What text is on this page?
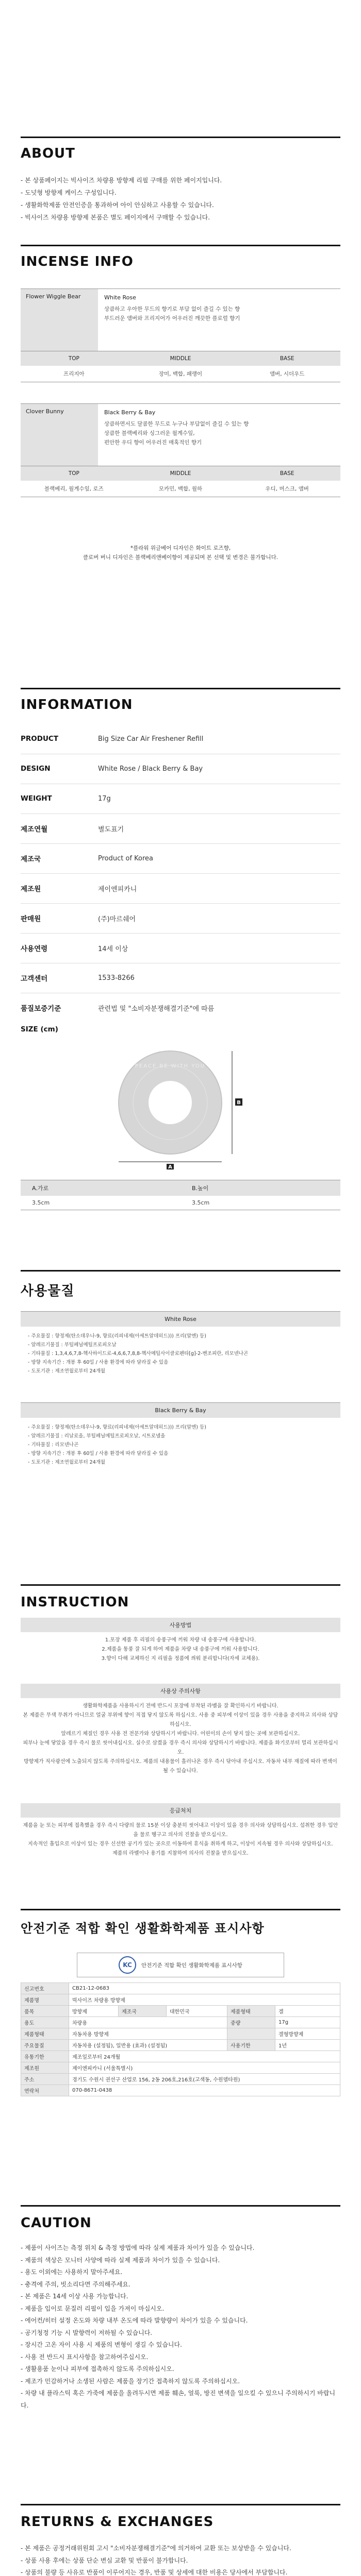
ABOUT
- 본 상품페이지는 빅사이즈 차량용 방향제 리필 구매를 위한 페이지입니다.
- 도넛형 방향제 케이스 구성입니다.
- 생활화학제품 안전인증을 통과하여 아이 안심하고 사용할 수 있습니다.
- 빅사이즈 차량용 방향제 본품은 별도 페이지에서 구매할 수 있습니다.
INCENSE INFO
Flower Wiggle Bear	White Rose
상큼하고 우아한 무드의 향기로 부담 없이 즐길 수 있는 향
부드러운 앰버와 프리지어가 어우러진 깨끗한 플로럴 향기
TOP	MIDDLE	BASE
프리지아	장미, 백합, 패랭이	앰버, 시더우드
Clover Bunny	Black Berry & Bay
상큼하면서도 달콤한 무드로 누구나 부담없이 즐길 수 있는 향
상큼한 블랙베리와 싱그러운 월계수잎,
편안한 우디 향이 어우러진 매혹적인 향기
TOP	MIDDLE	BASE
블랙베리, 월계수잎, 로즈	모카민, 백합, 월하	우디, 머스크, 앰버
*플라워 위글베어 디자인은 화이트 로즈향,
클로버 버니 디자인은 블랙베리앤베이향이 제공되며 본 선택 및 변경은 불가합니다.
INFORMATION
PRODUCT	Big Size Car Air Freshener Refill
DESIGN	White Rose / Black Berry & Bay
WEIGHT	17g
제조연월	별도표기
제조국	Product of Korea
제조원	제이엔피카니
판매원	(주)마르쉐어
사용연령	14세 이상
고객센터	1533-8266
품질보증기준	관련법 및 "소비자분쟁해결기준"에 따름
SIZE (cm)
PEACE BE WITH YOU
B
A
A.가로	B.높이
3.5cm	3.5cm
사용물질
White Rose
- 주요물질 : 향정제(탄소데우나-9, 향료(리피네제(아세트알데히드))) 프리(알엔) 등)
- 알레르기물질 : 부틸페닐메틸프로피오날
- 기타물질 : 1,3,4,6,7,8-헥사하이드로-4,6,6,7,8,8-헥사메틸사이클로펜타[g]-2-벤조피란, 리모넨나곤
- 방향 지속기간 : 개봉 후 60일 / 사용 환경에 따라 달라질 수 있음
- 도포기관 : 제조연월로부터 24개월
Black Berry & Bay
- 주요물질 : 향정제(탄소데우나-9, 향료(리피네제(아세트알데히드))) 프리(알엔) 등)
- 알레르기물질 : 리날로올, 부틸페닐메틸프로피오날, 시트로넬올
- 기타물질 : 리모넨나곤
- 방향 지속기간 : 개봉 후 60일 / 사용 환경에 따라 달라질 수 있음
- 도포기관 : 제조연월로부터 24개월
INSTRUCTION
사용방법
1.포장 제품 후 리필의 송풍구에 끼워 차량 내 송풍구에 사용합니다.
2.제품을 통풍 잘 되게 하여 제품을 차량 내 송풍구에 끼워 사용합니다.
3.향이 다해 교체하신 지 리필을 정품에 씌워 분리합니다(자세 교체용).
사용상 주의사항
생활화학제품을 사용하시기 전에 반드시 포장에 부착된 라벨을 잘 확인하시기 바랍니다.
본 제품은 무색 무취가 아니므로 얼굴 부위에 향이 직접 닿지 않도록 하십시오. 사용 중 피부에 이상이 있을 경우 사용을 중지하고 의사와 상담하십시오.
알레르기 체질인 경우 사용 전 전문가와 상담하시기 바랍니다. 어린이의 손이 닿지 않는 곳에 보관하십시오.
피부나 눈에 닿았을 경우 즉시 물로 씻어내십시오. 실수로 삼켰을 경우 즉시 의사와 상담하시기 바랍니다. 제품을 화기로부터 멀리 보관하십시오.
방향제가 직사광선에 노출되지 않도록 주의하십시오. 제품의 내용물이 흘러나온 경우 즉시 닦아내 주십시오. 자동차 내부 재질에 따라 변색이 될 수 있습니다.
응급처치
제품을 눈 또는 피부에 접촉했을 경우 즉시 다량의 물로 15분 이상 충분히 씻어내고 이상이 있을 경우 의사와 상담하십시오. 섭취한 경우 입안을 물로 헹구고 의사의 진찰을 받으십시오.
지속적인 흡입으로 이상이 있는 경우 신선한 공기가 있는 곳으로 이동하여 휴식을 취하게 하고, 이상이 지속될 경우 의사와 상담하십시오.
제품의 라벨이나 용기를 지참하여 의사의 진찰을 받으십시오.
안전기준 적합 확인 생활화학제품 표시사항
KC	안전기준 적합 확인 생활화학제품 표시사항
신고번호	CB21-12-0683				
제품명	빅사이즈 차량용 방향제				
품목	방향제	제조국	대한민국	제품형태	겔
용도	차량용			중량	17g
제품형태	자동차용 방향제				겔형방향제
주요물질	자동차용 (설정됨), 일반용 (효과) (설정됨)			사용기한	1년
유통기한	제조일로부터 24개월				
제조원	제이엔피카니 (서울특별시)				
주소	경기도 수원시 권선구 산업로 156, 2동 206호,216호(고색동, 수원델타원)				
연락처	070-8671-0438				
CAUTION
- 제품이 사이즈는 측정 위치 & 측정 방법에 따라 실제 제품과 차이가 있을 수 있습니다.
- 제품의 색상은 모니터 사양에 따라 실제 제품과 차이가 있을 수 있습니다.
- 용도 이외에는 사용하지 말아주세요.
- 충격에 주의, 빗소리다면 주의해주세요.
- 본 제품은 14세 이상 사용 가능합니다.
- 제품을 입이로 문질러 리필이 입을 가져이 마십시오.
- 에어컨/히터 설정 온도와 차량 내부 온도에 따라 발향량이 차이가 있을 수 있습니다.
- 공기청정 기능 시 발향력이 저하될 수 있습니다.
- 장시간 고온 자이 사용 시 제품의 변형이 생길 수 있습니다.
- 사용 전 반드시 표시사항을 참고하여주십시오.
- 생활용품 눈이나 피부에 접촉하지 않도록 주의하십시오.
- 제조가 민감하거나 소생된 사람은 제품을 장기간 접촉하지 않도록 주의하십시오.
- 차량 내 플라스틱 혹은 가죽에 제품을 올려두시면 제품 훼손, 얼룩, 방진 변색을 일으킬 수 있으니 주의하시기 바랍니다.
RETURNS & EXCHANGES
- 본 제품은 공정거래위원회 고시 "소비자분쟁해결기준"에 의거하여 교환 또는 보상받을 수 있습니다.
- 상품 사용 후에는 상품 단순 변심 교환 및 반품이 불가합니다.
- 상품의 불량 등 사유로 반품이 이루어지는 경우, 반품 및 상세에 대한 비용은 당사에서 부담합니다.
